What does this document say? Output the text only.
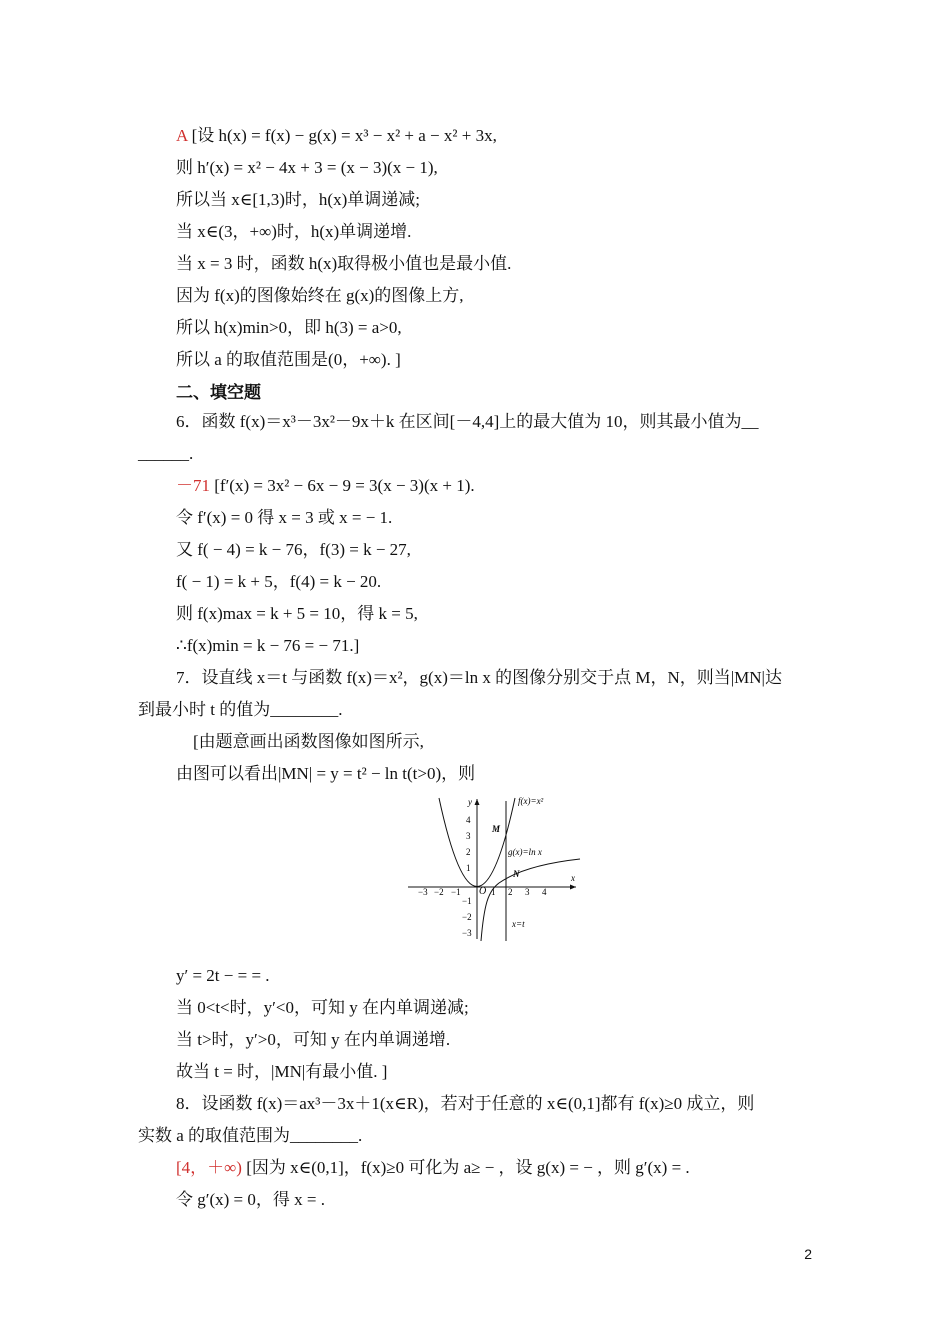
A [设 h(x) = f(x) − g(x) = x³ − x² + a − x² + 3x,
则 h′(x) = x² − 4x + 3 = (x − 3)(x − 1),
所以当 x∈[1,3)时，h(x)单调递减;
当 x∈(3，+∞)时，h(x)单调递增.
当 x = 3 时，函数 h(x)取得极小值也是最小值.
因为 f(x)的图像始终在 g(x)的图像上方,
所以 h(x)min>0，即 h(3) = a>0,
所以 a 的取值范围是(0，+∞). ]
6．函数 f(x)＝x³－3x²－9x＋k 在区间[－4,4]上的最大值为 10，则其最小值为__
______.
－71 [f′(x) = 3x² − 6x − 9 = 3(x − 3)(x + 1).
令 f′(x) = 0 得 x = 3 或 x = − 1.
又 f( − 4) = k − 76，f(3) = k − 27,
f( − 1) = k + 5，f(4) = k − 20.
则 f(x)max = k + 5 = 10，得 k = 5,
∴f(x)min = k − 76 = − 71.]
7．设直线 x＝t 与函数 f(x)＝x²，g(x)＝ln x 的图像分别交于点 M，N，则当|MN|达
到最小时 t 的值为________.
[由题意画出函数图像如图所示,
由图可以看出|MN| = y = t² − ln t(t>0)，则
y′ = 2t − = = .
当 0<t<时，y′<0，可知 y 在内单调递减;
当 t>时，y′>0，可知 y 在内单调递增.
故当 t = 时，|MN|有最小值. ]
8．设函数 f(x)＝ax³－3x＋1(x∈R)，若对于任意的 x∈(0,1]都有 f(x)≥0 成立，则
实数 a 的取值范围为________.
[4，＋∞) [因为 x∈(0,1]，f(x)≥0 可化为 a≥ − ，设 g(x) = − ，则 g′(x) = .
令 g′(x) = 0，得 x = .
二、填空题
x
y
O
−3 −2 −1	1 2 3 4
4
3
2
1
−1
−2
−3
f(x)=x²
g(x)=ln x
x=t
M
N
2
